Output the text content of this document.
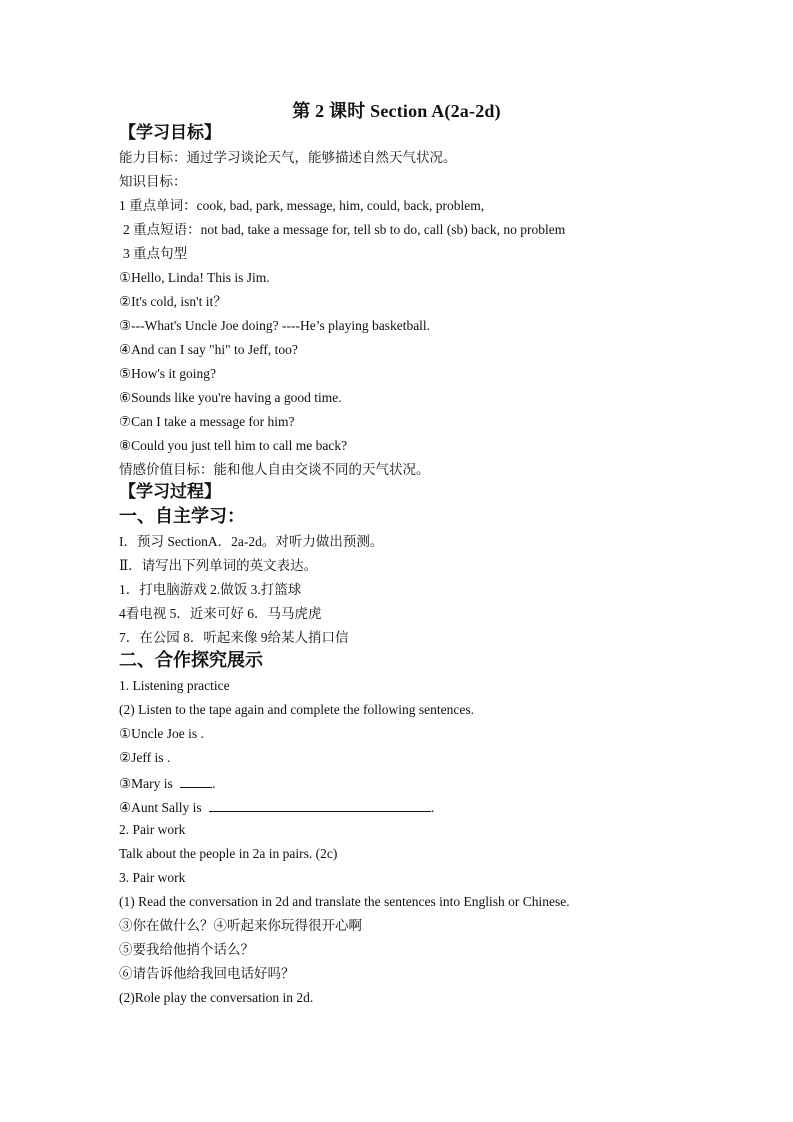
第 2 课时 Section A(2a-2d)
【学习目标】
能力目标：通过学习谈论天气，能够描述自然天气状况。
知识目标：
1 重点单词：cook, bad, park, message, him, could, back, problem,
2 重点短语：not bad, take a message for, tell sb to do, call (sb) back, no problem
3 重点句型
①Hello, Linda! This is Jim.
②It's cold, isn't it？
③---What's Uncle Joe doing? ----He’s playing basketball.
④And can I say "hi" to Jeff, too?
⑤How's it going?
⑥Sounds like you're having a good time.
⑦Can I take a message for him?
⑧Could you just tell him to call me back?
情感价值目标：能和他人自由交谈不同的天气状况。
【学习过程】
一、自主学习：
I．预习 SectionA．2a-2d。对听力做出预测。
Ⅱ．请写出下列单词的英文表达。
1．打电脑游戏 2.做饭 3.打篮球
4看电视 5．近来可好 6．马马虎虎
7．在公园 8．听起来像 9给某人捎口信
二、合作探究展示
1. Listening practice
(2) Listen to the tape again and complete the following sentences.
①Uncle Joe is .
②Jeff is .
③Mary is	.
④Aunt Sally is	.
2. Pair work
Talk about the people in 2a in pairs. (2c)
3. Pair work
(1) Read the conversation in 2d and translate the sentences into English or Chinese.
③你在做什么？④听起来你玩得很开心啊
⑤要我给他捎个话么？
⑥请告诉他给我回电话好吗？
(2)Role play the conversation in 2d.
